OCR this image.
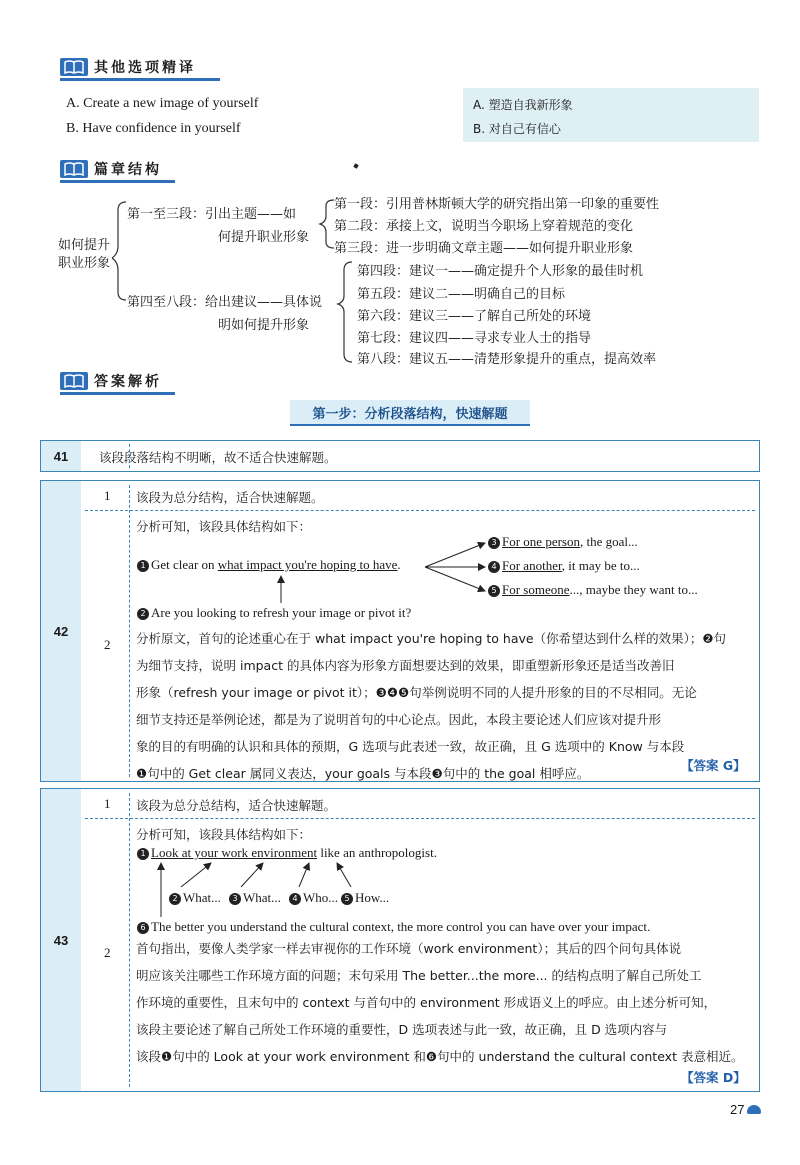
其他选项精译
A. Create a new image of yourself
B. Have confidence in yourself
A. 塑造自我新形象
B. 对自己有信心
篇章结构
如何提升
职业形象
第一至三段：引出主题——如
何提升职业形象
第四至八段：给出建议——具体说
明如何提升形象
第一段：引用普林斯顿大学的研究指出第一印象的重要性
第二段：承接上文，说明当今职场上穿着规范的变化
第三段：进一步明确文章主题——如何提升职业形象
第四段：建议一——确定提升个人形象的最佳时机
第五段：建议二——明确自己的目标
第六段：建议三——了解自己所处的环境
第七段：建议四——寻求专业人士的指导
第八段：建议五——清楚形象提升的重点，提高效率
答案解析
第一步：分析段落结构，快速解题
41	该段段落结构不明晰，故不适合快速解题。
42
1 该段为总分结构，适合快速解题。
2
分析可知，该段具体结构如下：
1 Get clear on what impact you're hoping to have.
3 For one person, the goal...
4 For another, it may be to...
5 For someone..., maybe they want to...
2 Are you looking to refresh your image or pivot it?
分析原文，首句的论述重心在于 what impact you're hoping to have（你希望达到什么样的效果）；❷句
为细节支持，说明 impact 的具体内容为形象方面想要达到的效果，即重塑新形象还是适当改善旧
形象（refresh your image or pivot it）；❸❹❺句举例说明不同的人提升形象的目的不尽相同。无论
细节支持还是举例论述，都是为了说明首句的中心论点。因此，本段主要论述人们应该对提升形
象的目的有明确的认识和具体的预期，G 选项与此表述一致，故正确，且 G 选项中的 Know 与本段
❶句中的 Get clear 属同义表达，your goals 与本段❸句中的 the goal 相呼应。
【答案 G】
43
1 该段为总分总结构，适合快速解题。
2
分析可知，该段具体结构如下：
1 Look at your work environment like an anthropologist.
2 What...	3 What...	4 Who... 5 How...
6 The better you understand the cultural context, the more control you can have over your impact.
首句指出，要像人类学家一样去审视你的工作环境（work environment）；其后的四个问句具体说
明应该关注哪些工作环境方面的问题；末句采用 The better...the more... 的结构点明了解自己所处工
作环境的重要性，且末句中的 context 与首句中的 environment 形成语义上的呼应。由上述分析可知，
该段主要论述了解自己所处工作环境的重要性，D 选项表述与此一致，故正确，且 D 选项内容与
该段❶句中的 Look at your work environment 和❻句中的 understand the cultural context 表意相近。
【答案 D】
27
